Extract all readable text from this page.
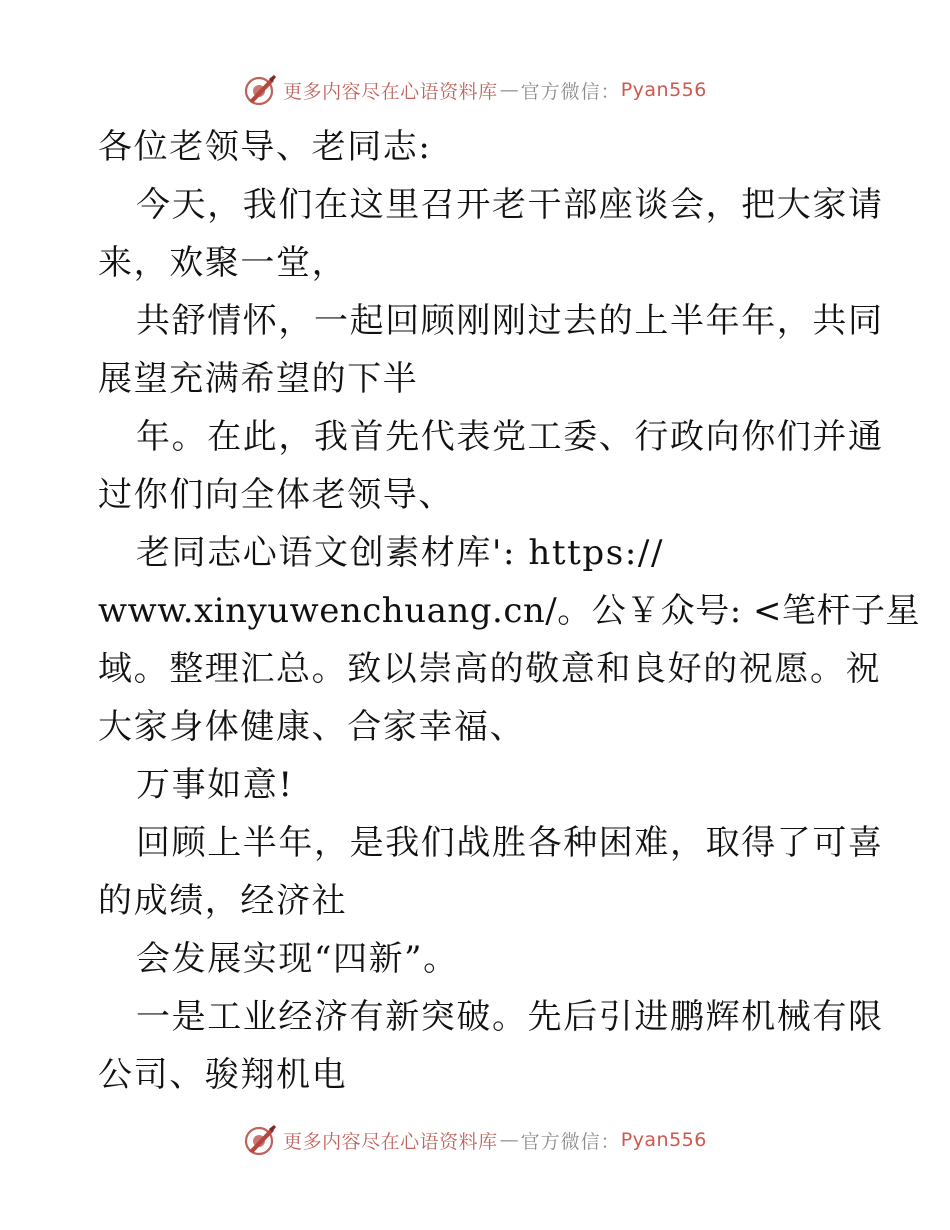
更多内容尽在心语资料库 — 官方微信： Pyan556
各位老领导、老同志:
今天，我们在这里召开老干部座谈会，把大家请
来，欢聚一堂，
共舒情怀，一起回顾刚刚过去的上半年年，共同
展望充满希望的下半
年。在此，我首先代表党工委、行政向你们并通
过你们向全体老领导、
老同志心语文创素材库': https://
www.xinyuwenchuang.cn/。公￥众号: <笔杆子星
域。整理汇总。致以崇高的敬意和良好的祝愿。祝
大家身体健康、合家幸福、
万事如意!
回顾上半年，是我们战胜各种困难，取得了可喜
的成绩，经济社
会发展实现“四新”。
一是工业经济有新突破。先后引进鹏辉机械有限
公司、骏翔机电
更多内容尽在心语资料库 — 官方微信： Pyan556
